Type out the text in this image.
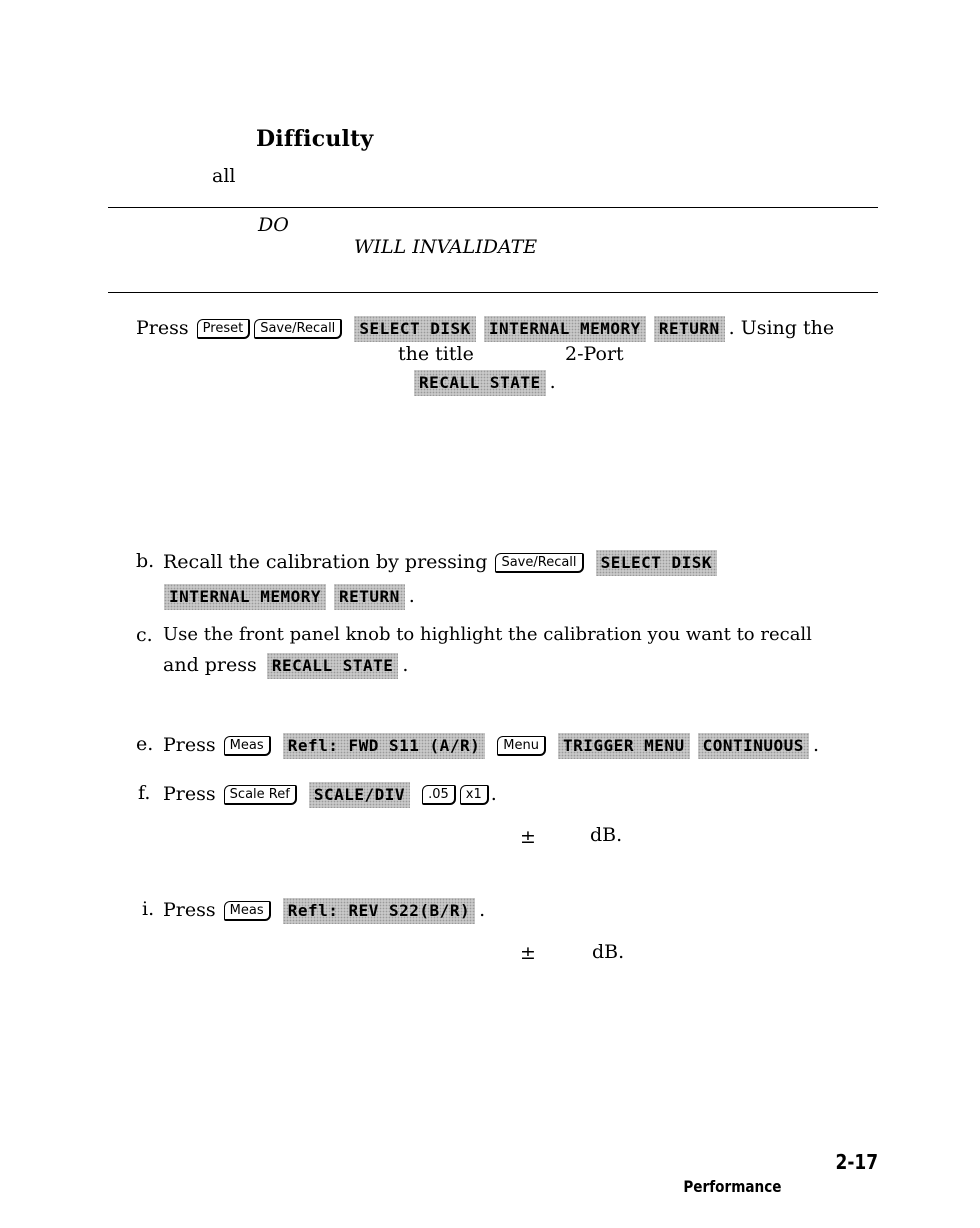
Difficulty
all
DO
WILL INVALIDATE
Press Preset Save/Recall SELECT DISK INTERNAL MEMORY RETURN . Using the
the title	2-Port
RECALL STATE .
b. Recall the calibration by pressing Save/Recall SELECT DISK
INTERNAL MEMORY RETURN .
c. Use the front panel knob to highlight the calibration you want to recall
and press RECALL STATE .
e. Press Meas Refl: FWD S11 (A/R) Menu TRIGGER MENU CONTINUOUS .
f. Press Scale Ref SCALE/DIV .05 x1 .
±	dB.
i. Press Meas Refl: REV S22(B/R) .
±	dB.
2-17
Performance
